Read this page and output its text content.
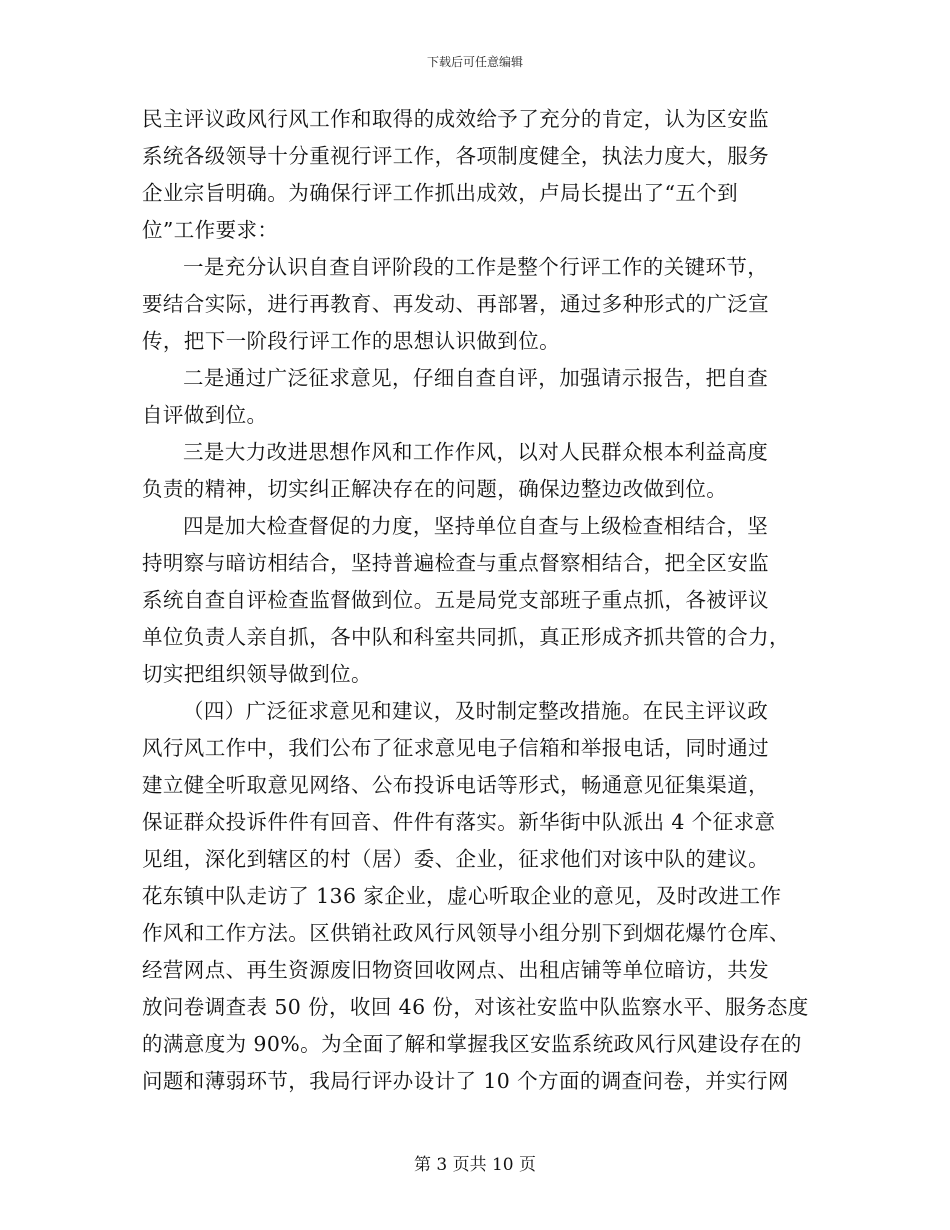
下载后可任意编辑

民主评议政风行风工作和取得的成效给予了充分的肯定，认为区安监
系统各级领导十分重视行评工作，各项制度健全，执法力度大，服务
企业宗旨明确。为确保行评工作抓出成效，卢局长提出了“五个到
位”工作要求：

一是充分认识自查自评阶段的工作是整个行评工作的关键环节，
要结合实际，进行再教育、再发动、再部署，通过多种形式的广泛宣
传，把下一阶段行评工作的思想认识做到位。

二是通过广泛征求意见，仔细自查自评，加强请示报告，把自查
自评做到位。

三是大力改进思想作风和工作作风，以对人民群众根本利益高度
负责的精神，切实纠正解决存在的问题，确保边整边改做到位。

四是加大检查督促的力度，坚持单位自查与上级检查相结合，坚
持明察与暗访相结合，坚持普遍检查与重点督察相结合，把全区安监
系统自查自评检查监督做到位。五是局党支部班子重点抓，各被评议
单位负责人亲自抓，各中队和科室共同抓，真正形成齐抓共管的合力，
切实把组织领导做到位。

（四）广泛征求意见和建议，及时制定整改措施。在民主评议政
风行风工作中，我们公布了征求意见电子信箱和举报电话，同时通过
建立健全听取意见网络、公布投诉电话等形式，畅通意见征集渠道，
保证群众投诉件件有回音、件件有落实。新华街中队派出 4 个征求意
见组，深化到辖区的村（居）委、企业，征求他们对该中队的建议。
花东镇中队走访了 136 家企业，虚心听取企业的意见，及时改进工作
作风和工作方法。区供销社政风行风领导小组分别下到烟花爆竹仓库、
经营网点、再生资源废旧物资回收网点、出租店铺等单位暗访，共发
放问卷调查表 50 份，收回 46 份，对该社安监中队监察水平、服务态度
的满意度为 90%。为全面了解和掌握我区安监系统政风行风建设存在的
问题和薄弱环节，我局行评办设计了 10 个方面的调查问卷，并实行网

第 3 页共 10 页
